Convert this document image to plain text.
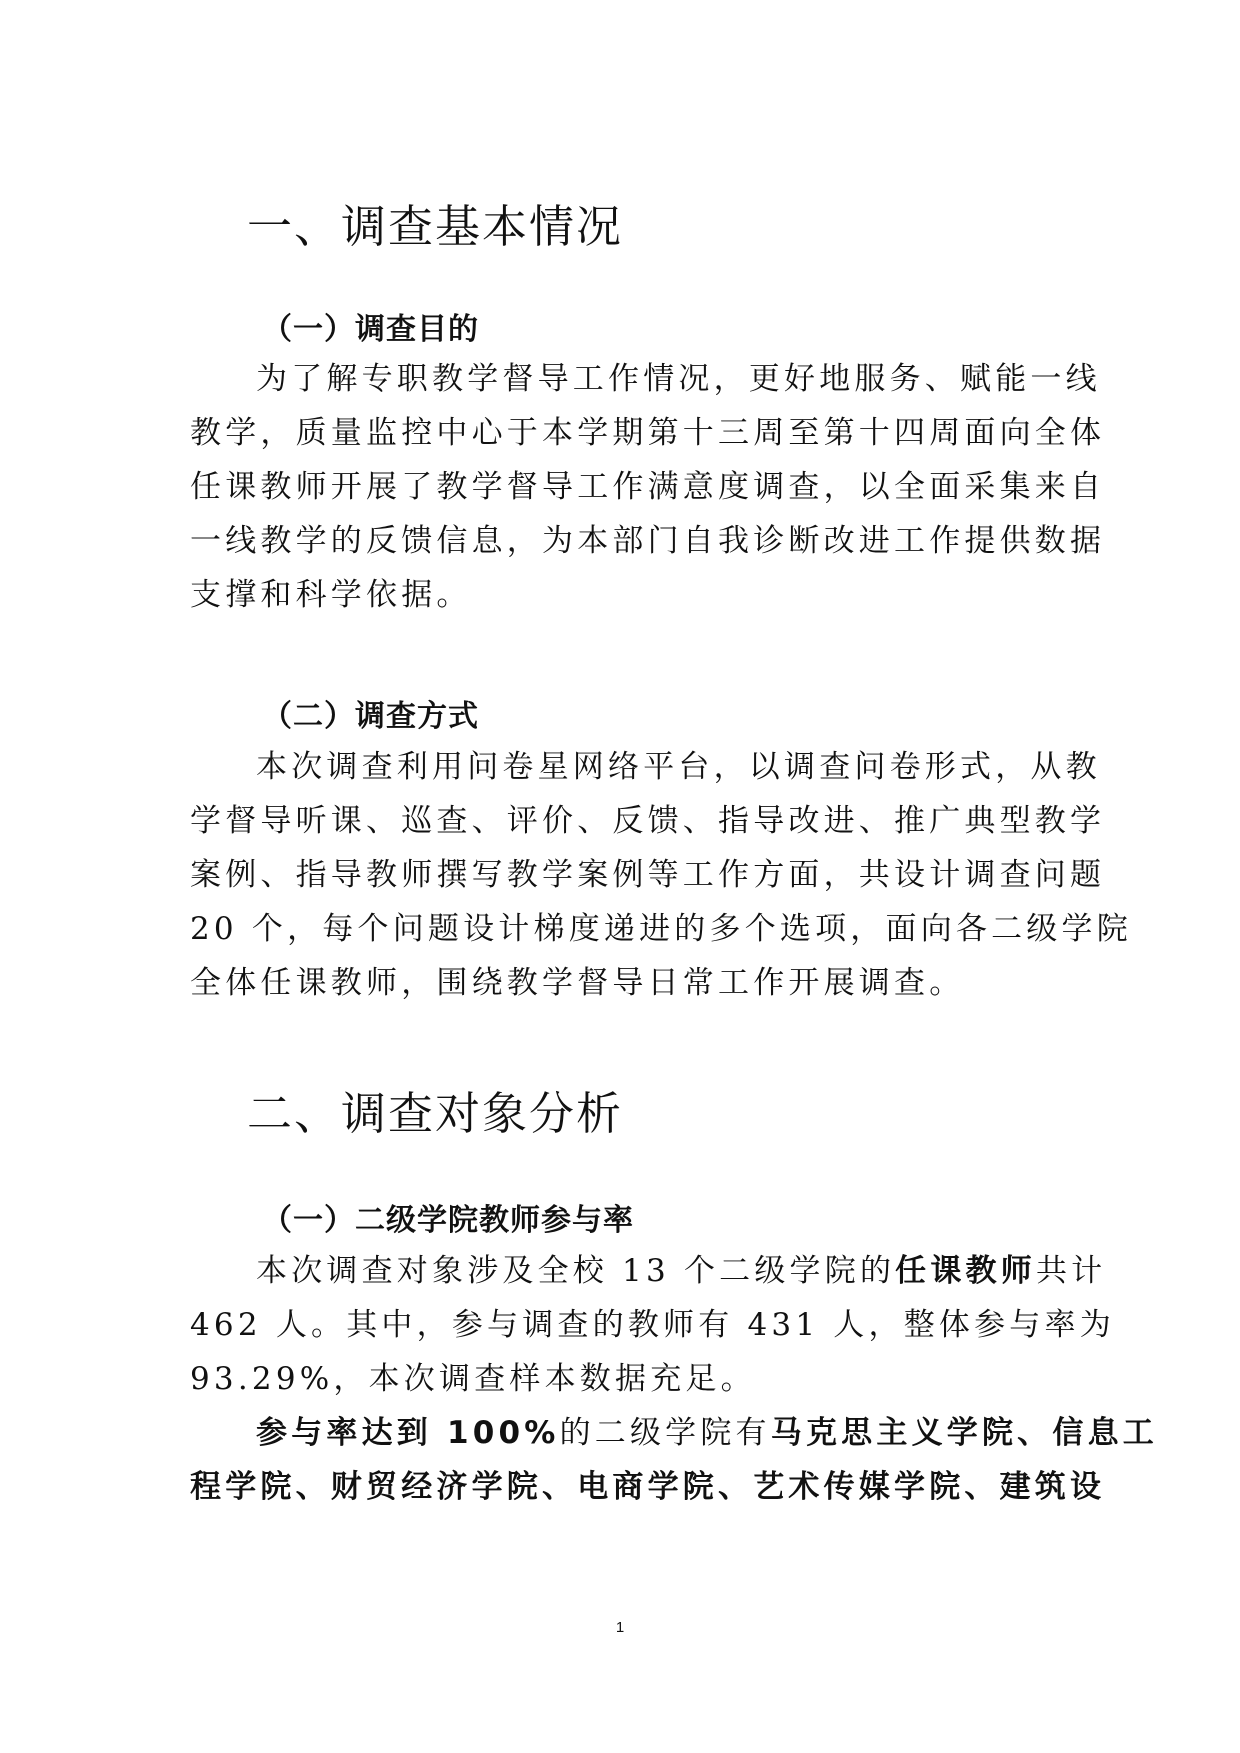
一、调查基本情况
（一）调查目的
为了解专职教学督导工作情况，更好地服务、赋能一线
教学，质量监控中心于本学期第十三周至第十四周面向全体
任课教师开展了教学督导工作满意度调查，以全面采集来自
一线教学的反馈信息，为本部门自我诊断改进工作提供数据
支撑和科学依据。
（二）调查方式
本次调查利用问卷星网络平台，以调查问卷形式，从教
学督导听课、巡查、评价、反馈、指导改进、推广典型教学
案例、指导教师撰写教学案例等工作方面，共设计调查问题
20 个，每个问题设计梯度递进的多个选项，面向各二级学院
全体任课教师，围绕教学督导日常工作开展调查。
二、调查对象分析
（一）二级学院教师参与率
本次调查对象涉及全校 13 个二级学院的任课教师共计
462 人。其中，参与调查的教师有 431 人，整体参与率为
93.29%，本次调查样本数据充足。
参与率达到 100%的二级学院有马克思主义学院、信息工
程学院、财贸经济学院、电商学院、艺术传媒学院、建筑设
1
